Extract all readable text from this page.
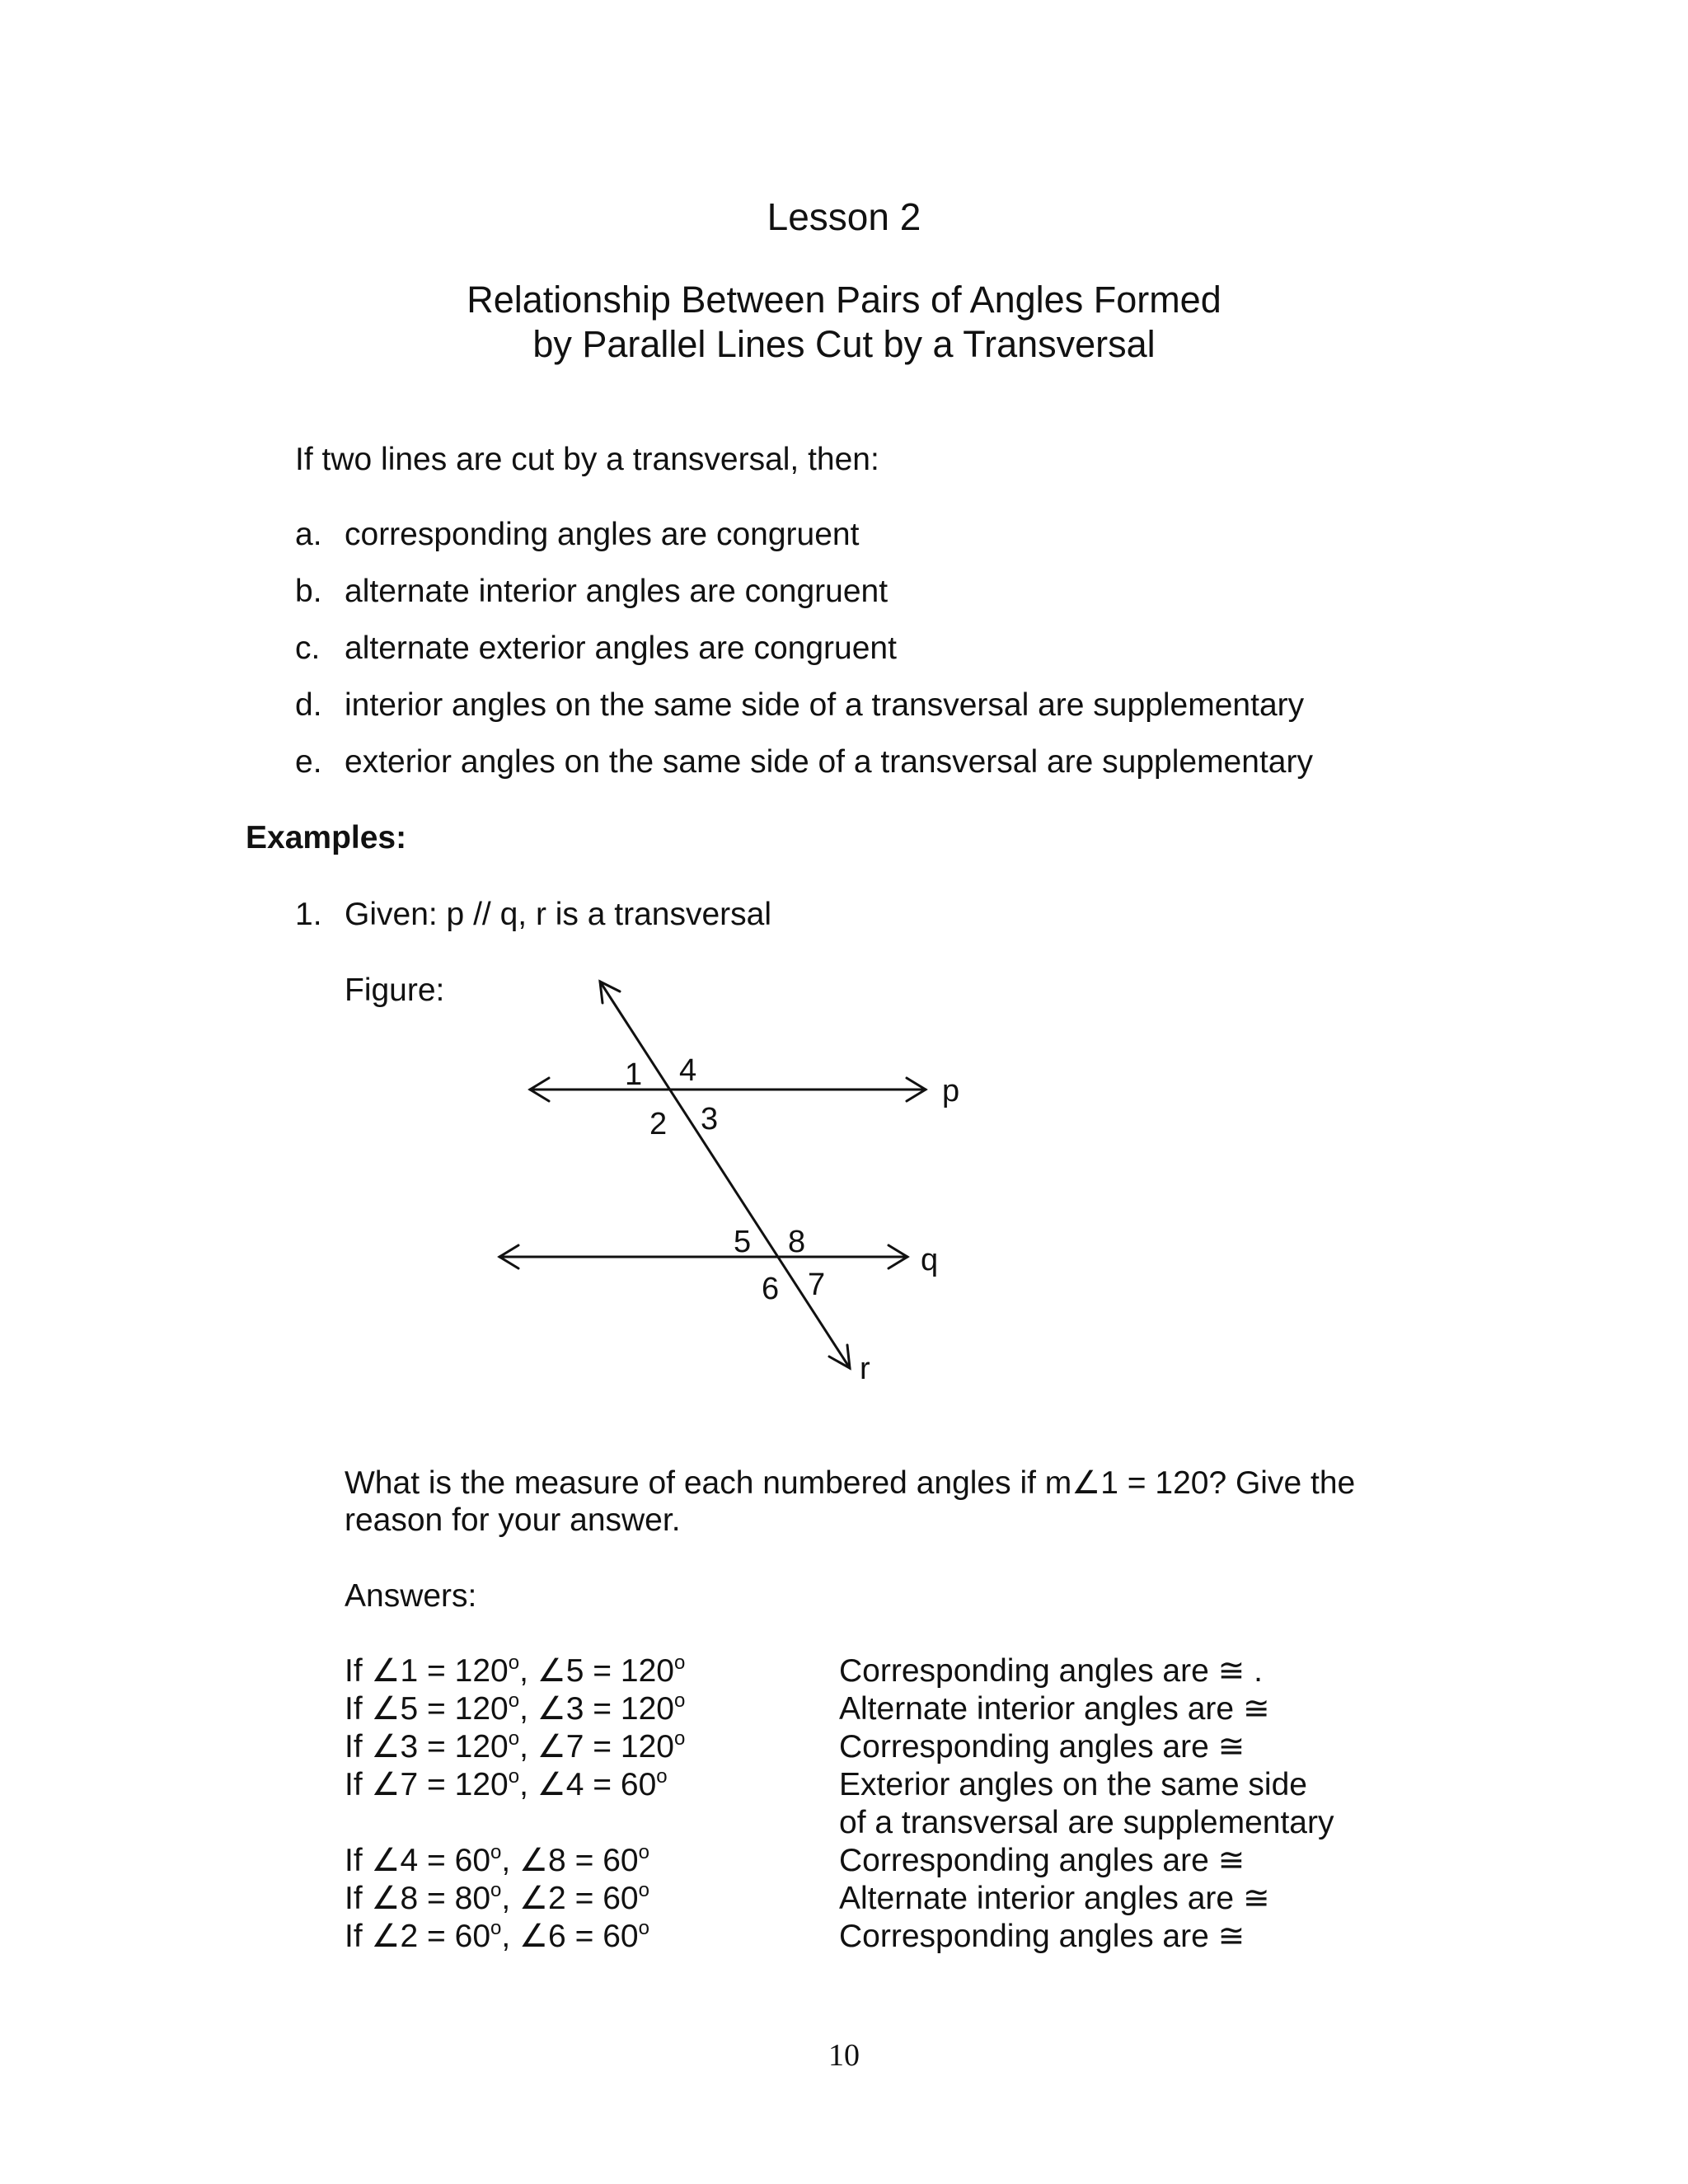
Lesson 2
Relationship Between Pairs of Angles Formed
by Parallel Lines Cut by a Transversal
If two lines are cut by a transversal, then:
a. corresponding angles are congruent
b. alternate interior angles are congruent
c. alternate exterior angles are congruent
d. interior angles on the same side of a transversal are supplementary
e. exterior angles on the same side of a transversal are supplementary
Examples:
1. Given: p // q, r is a transversal
Figure:
p
q
r
1
2 3
4
5
6 7
8
What is the measure of each numbered angles if m∠1 = 120? Give the
reason for your answer.
Answers:
If ∠1 = $120^o$, ∠5 = $120^o$	Corresponding angles are ≅ .
If ∠5 = $120^o$, ∠3 = $120^o$	Alternate interior angles are ≅
If ∠3 = $120^o$, ∠7 = $120^o$	Corresponding angles are ≅
If ∠7 = $120^o$, ∠4 = $60^o$	Exterior angles on the same side
of a transversal are supplementary
If ∠4 = $60^o$, ∠8 = $60^o$	Corresponding angles are ≅
If ∠8 = $80^o$, ∠2 = $60^o$	Alternate interior angles are ≅
If ∠2 = $60^o$, ∠6 = $60^o$	Corresponding angles are ≅
10
